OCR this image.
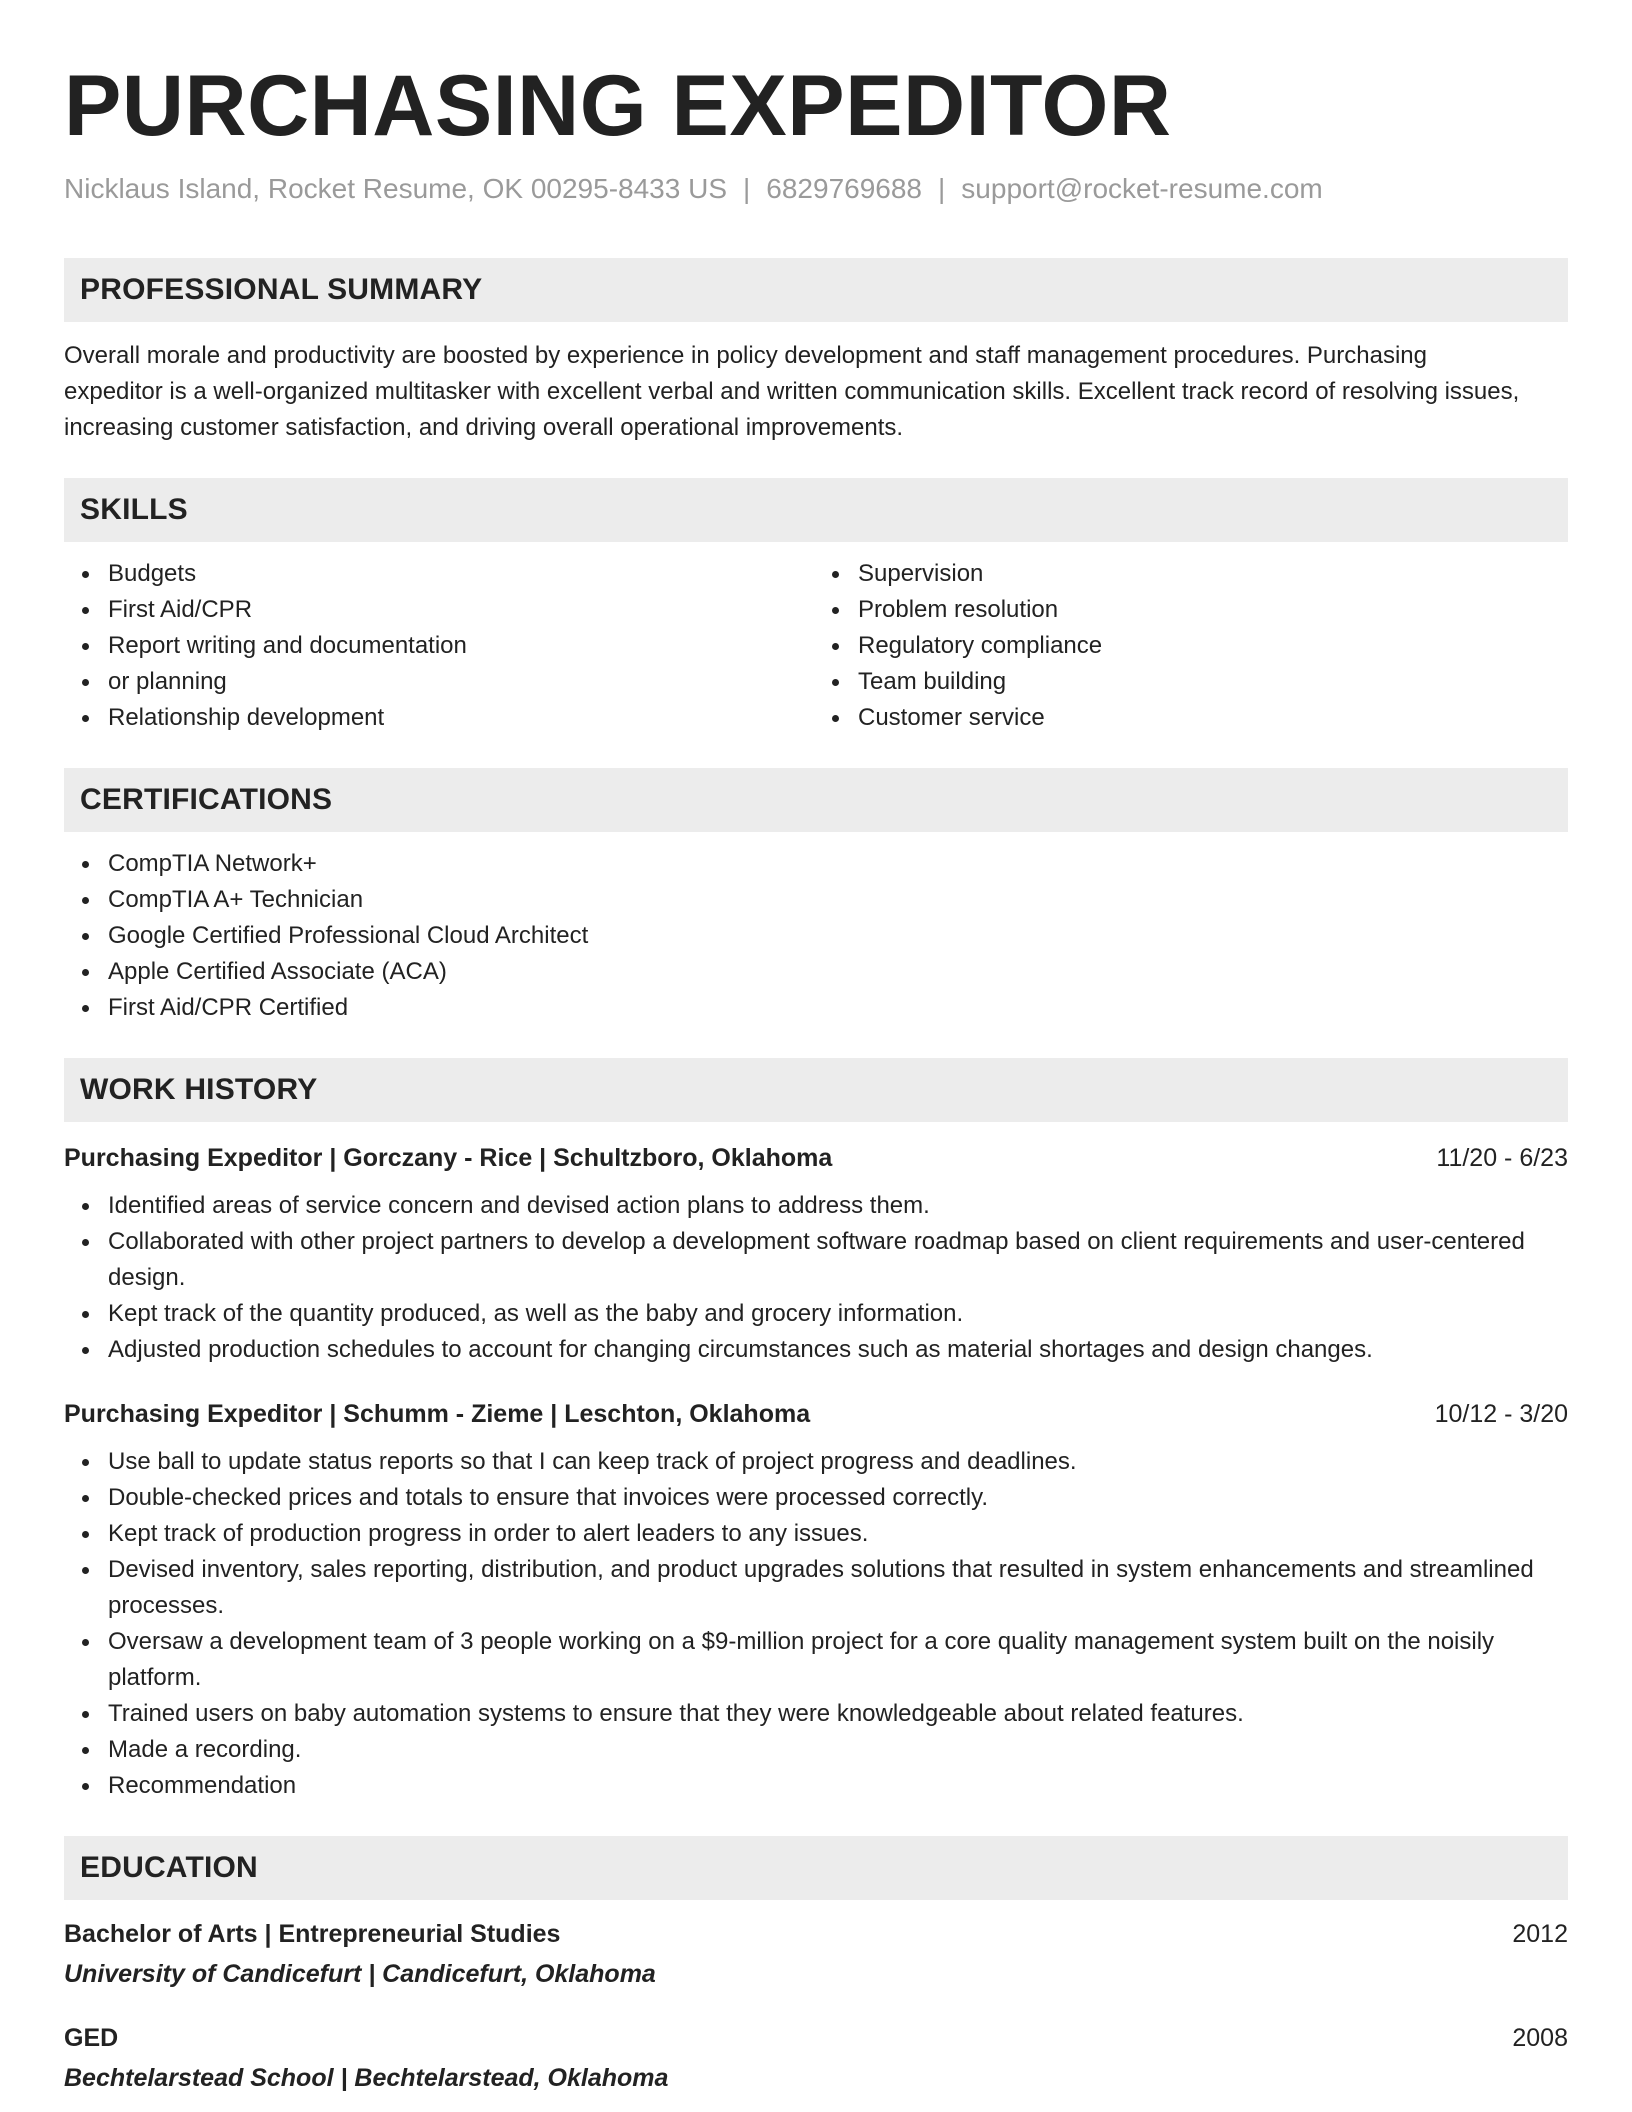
PURCHASING EXPEDITOR
Nicklaus Island, Rocket Resume, OK 00295-8433 US | 6829769688 | support@rocket-resume.com
PROFESSIONAL SUMMARY

Overall morale and productivity are boosted by experience in policy development and staff management procedures. Purchasing expeditor is a well-organized multitasker with excellent verbal and written communication skills. Excellent track record of resolving issues, increasing customer satisfaction, and driving overall operational improvements.

SKILLS
Budgets
First Aid/CPR
Report writing and documentation
or planning
Relationship development
Supervision
Problem resolution
Regulatory compliance
Team building
Customer service
CERTIFICATIONS
CompTIA Network+
CompTIA A+ Technician
Google Certified Professional Cloud Architect
Apple Certified Associate (ACA)
First Aid/CPR Certified
WORK HISTORY
Purchasing Expeditor | Gorczany - Rice | Schultzboro, Oklahoma	11/20 - 6/23
Identified areas of service concern and devised action plans to address them.
Collaborated with other project partners to develop a development software roadmap based on client requirements and user-centered design.
Kept track of the quantity produced, as well as the baby and grocery information.
Adjusted production schedules to account for changing circumstances such as material shortages and design changes.
Purchasing Expeditor | Schumm - Zieme | Leschton, Oklahoma	10/12 - 3/20
Use ball to update status reports so that I can keep track of project progress and deadlines.
Double-checked prices and totals to ensure that invoices were processed correctly.
Kept track of production progress in order to alert leaders to any issues.
Devised inventory, sales reporting, distribution, and product upgrades solutions that resulted in system enhancements and streamlined processes.
Oversaw a development team of 3 people working on a $9-million project for a core quality management system built on the noisily platform.
Trained users on baby automation systems to ensure that they were knowledgeable about related features.
Made a recording.
Recommendation
EDUCATION
Bachelor of Arts | Entrepreneurial Studies	2012
University of Candicefurt | Candicefurt, Oklahoma
GED	2008
Bechtelarstead School | Bechtelarstead, Oklahoma
